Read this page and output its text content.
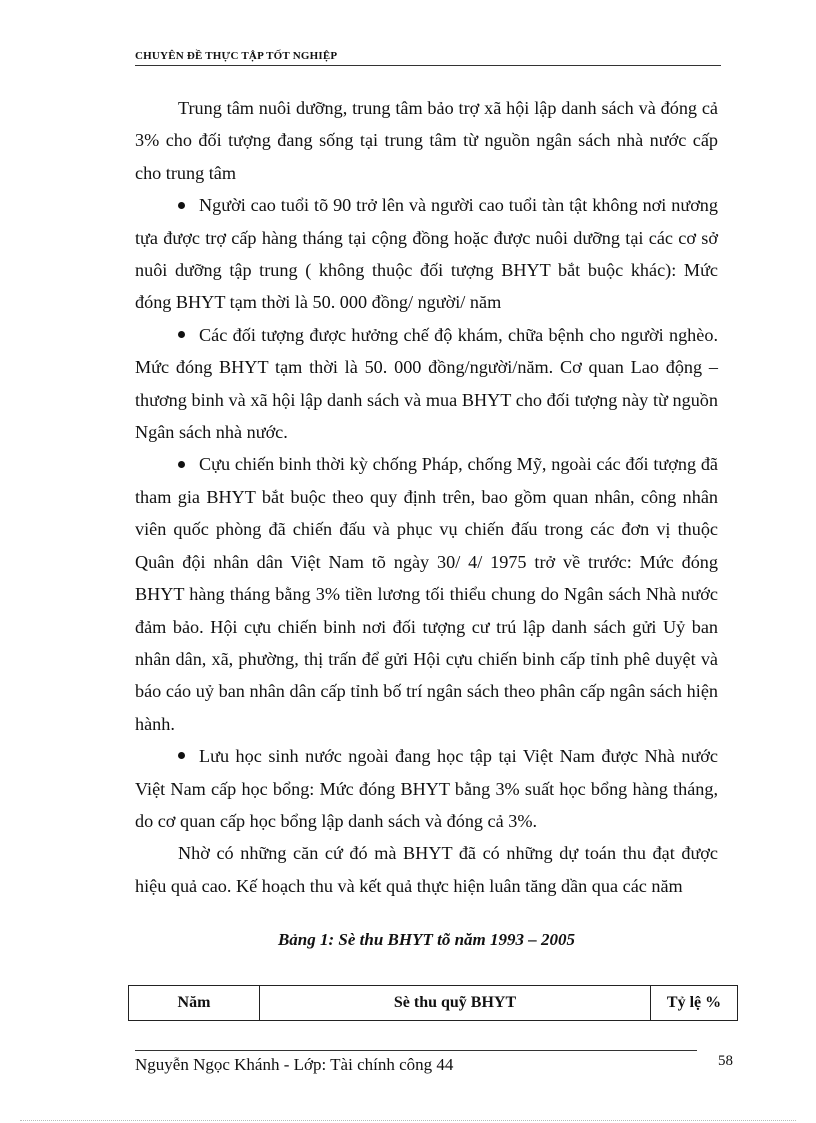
CHUYÊN ĐỀ THỰC TẬP TỐT NGHIỆP

Trung tâm nuôi dưỡng, trung tâm bảo trợ xã hội lập danh sách và đóng cả 3% cho đối tượng đang sống tại trung tâm từ nguồn ngân sách nhà nước cấp cho trung tâm

Người cao tuổi tõ 90 trở lên và người cao tuổi tàn tật không nơi nương tựa được trợ cấp hàng tháng tại cộng đồng hoặc được nuôi dưỡng tại các cơ sở nuôi dưỡng tập trung ( không thuộc đối tượng BHYT bắt buộc khác): Mức đóng BHYT tạm thời là 50. 000 đồng/ người/ năm

Các đối tượng được hưởng chế độ khám, chữa bệnh cho người nghèo. Mức đóng BHYT tạm thời là 50. 000 đồng/người/năm. Cơ quan Lao động – thương binh và xã hội lập danh sách và mua BHYT cho đối tượng này từ nguồn Ngân sách nhà nước.

Cựu chiến binh thời kỳ chống Pháp, chống Mỹ, ngoài các đối tượng đã tham gia BHYT bắt buộc theo quy định trên, bao gồm quan nhân, công nhân viên quốc phòng đã chiến đấu và phục vụ chiến đấu trong các đơn vị thuộc Quân đội nhân dân Việt Nam tõ ngày 30/ 4/ 1975 trở về trước: Mức đóng BHYT hàng tháng bằng 3% tiền lương tối thiểu chung do Ngân sách Nhà nước đảm bảo. Hội cựu chiến binh nơi đối tượng cư trú lập danh sách gửi Uỷ ban nhân dân, xã, phường, thị trấn để gửi Hội cựu chiến binh cấp tỉnh phê duyệt và báo cáo uỷ ban nhân dân cấp tỉnh bố trí ngân sách theo phân cấp ngân sách hiện hành.

Lưu học sinh nước ngoài đang học tập tại Việt Nam được Nhà nước Việt Nam cấp học bổng: Mức đóng BHYT bằng 3% suất học bổng hàng tháng, do cơ quan cấp học bổng lập danh sách và đóng cả 3%.

Nhờ có những căn cứ đó mà BHYT đã có những dự toán thu đạt được hiệu quả cao. Kế hoạch thu và kết quả thực hiện luân tăng dần qua các năm

Bảng 1: Sè thu BHYT tõ năm 1993 – 2005
Năm	Sè thu quỹ BHYT	Tỷ lệ %
Nguyễn Ngọc Khánh - Lớp: Tài chính công 44	58
